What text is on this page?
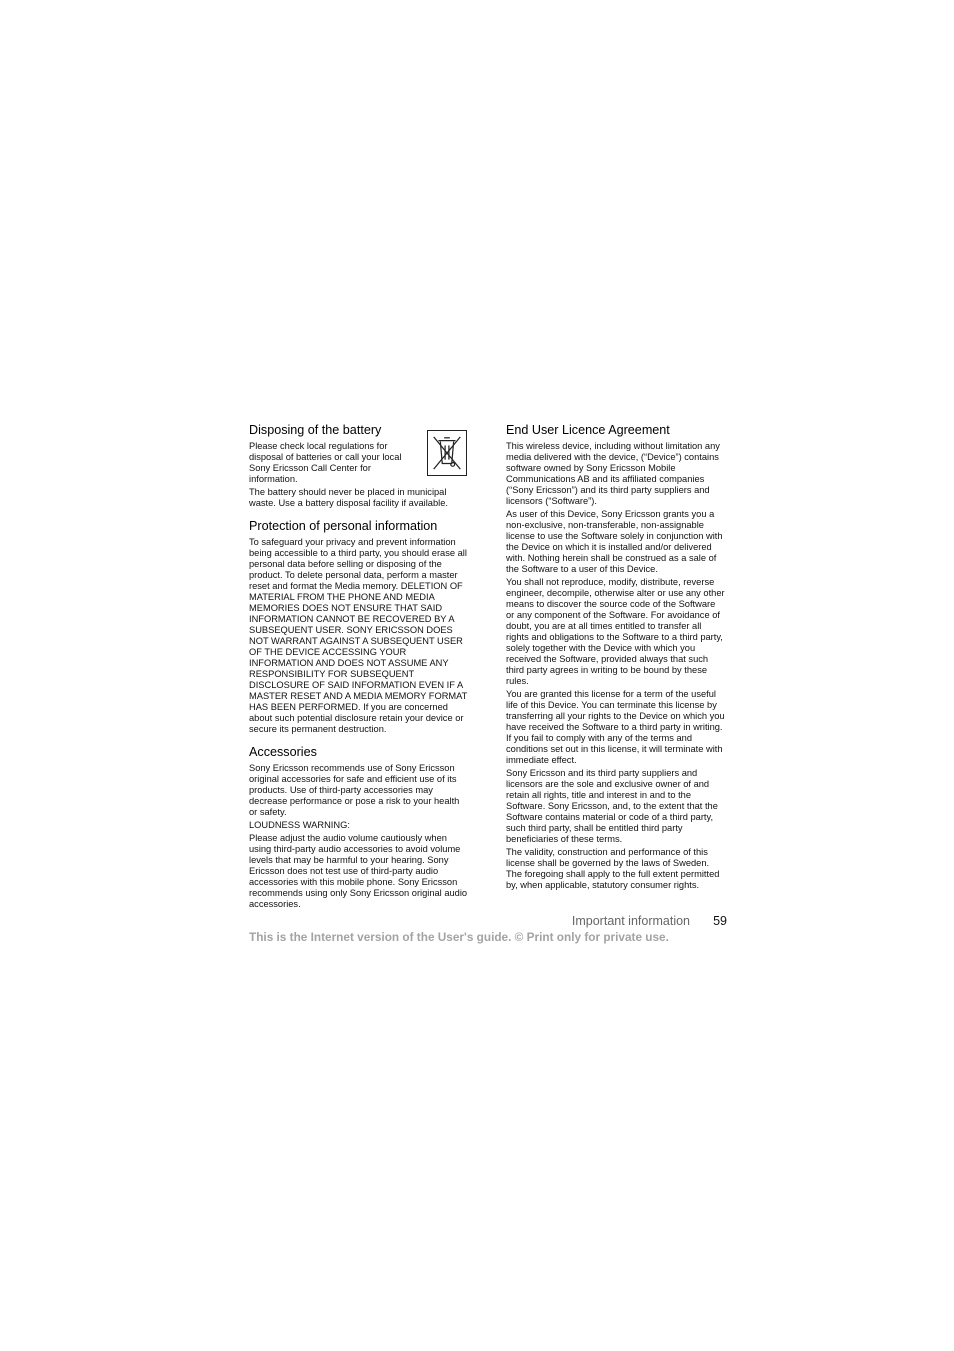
Disposing of the battery

Please check local regulations for disposal of batteries or call your local Sony Ericsson Call Center for information.

The battery should never be placed in municipal waste. Use a battery disposal facility if available.

Protection of personal information

To safeguard your privacy and prevent information being accessible to a third party, you should erase all personal data before selling or disposing of the product. To delete personal data, perform a master reset and format the Media memory. DELETION OF MATERIAL FROM THE PHONE AND MEDIA MEMORIES DOES NOT ENSURE THAT SAID INFORMATION CANNOT BE RECOVERED BY A SUBSEQUENT USER. SONY ERICSSON DOES NOT WARRANT AGAINST A SUBSEQUENT USER OF THE DEVICE ACCESSING YOUR INFORMATION AND DOES NOT ASSUME ANY RESPONSIBILITY FOR SUBSEQUENT DISCLOSURE OF SAID INFORMATION EVEN IF A MASTER RESET AND A MEDIA MEMORY FORMAT HAS BEEN PERFORMED. If you are concerned about such potential disclosure retain your device or secure its permanent destruction.

Accessories

Sony Ericsson recommends use of Sony Ericsson original accessories for safe and efficient use of its products. Use of third-party accessories may decrease performance or pose a risk to your health or safety.

LOUDNESS WARNING:

Please adjust the audio volume cautiously when using third-party audio accessories to avoid volume levels that may be harmful to your hearing. Sony Ericsson does not test use of third-party audio accessories with this mobile phone. Sony Ericsson recommends using only Sony Ericsson original audio accessories.

End User Licence Agreement

This wireless device, including without limitation any media delivered with the device, (“Device”) contains software owned by Sony Ericsson Mobile Communications AB and its affiliated companies (“Sony Ericsson”) and its third party suppliers and licensors (“Software”).

As user of this Device, Sony Ericsson grants you a non-exclusive, non-transferable, non-assignable license to use the Software solely in conjunction with the Device on which it is installed and/or delivered with. Nothing herein shall be construed as a sale of the Software to a user of this Device.

You shall not reproduce, modify, distribute, reverse engineer, decompile, otherwise alter or use any other means to discover the source code of the Software or any component of the Software. For avoidance of doubt, you are at all times entitled to transfer all rights and obligations to the Software to a third party, solely together with the Device with which you received the Software, provided always that such third party agrees in writing to be bound by these rules.

You are granted this license for a term of the useful life of this Device. You can terminate this license by transferring all your rights to the Device on which you have received the Software to a third party in writing. If you fail to comply with any of the terms and conditions set out in this license, it will terminate with immediate effect.

Sony Ericsson and its third party suppliers and licensors are the sole and exclusive owner of and retain all rights, title and interest in and to the Software. Sony Ericsson, and, to the extent that the Software contains material or code of a third party, such third party, shall be entitled third party beneficiaries of these terms.

The validity, construction and performance of this license shall be governed by the laws of Sweden. The foregoing shall apply to the full extent permitted by, when applicable, statutory consumer rights.

Important information 59
This is the Internet version of the User's guide. © Print only for private use.
